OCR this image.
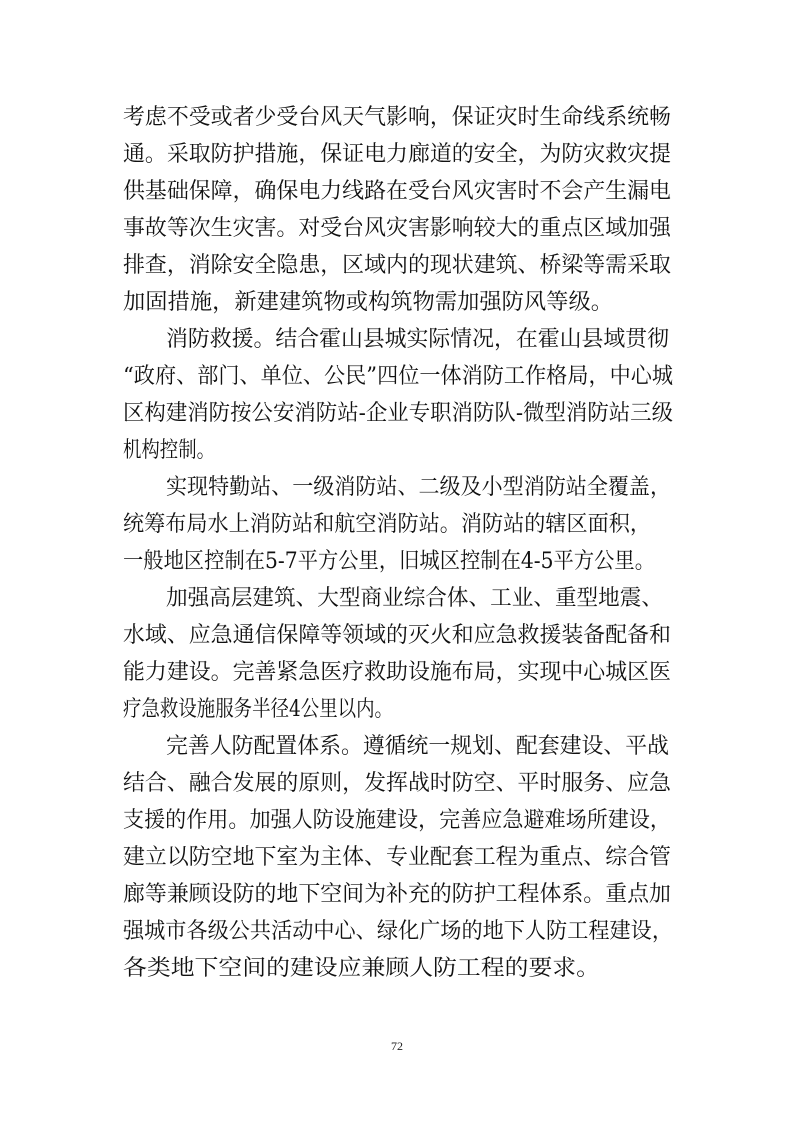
考虑不受或者少受台风天气影响，保证灾时生命线系统畅
通。采取防护措施，保证电力廊道的安全，为防灾救灾提
供基础保障，确保电力线路在受台风灾害时不会产生漏电
事故等次生灾害。对受台风灾害影响较大的重点区域加强
排查，消除安全隐患，区域内的现状建筑、桥梁等需采取
加固措施，新建建筑物或构筑物需加强防风等级。
消防救援。结合霍山县城实际情况，在霍山县域贯彻
“政府、部门、单位、公民”四位一体消防工作格局，中心城
区构建消防按公安消防站-企业专职消防队-微型消防站三级
机构控制。
实现特勤站、一级消防站、二级及小型消防站全覆盖，
统筹布局水上消防站和航空消防站。消防站的辖区面积，
一般地区控制在5-7平方公里，旧城区控制在4-5平方公里。
加强高层建筑、大型商业综合体、工业、重型地震、
水域、应急通信保障等领域的灭火和应急救援装备配备和
能力建设。完善紧急医疗救助设施布局，实现中心城区医
疗急救设施服务半径4公里以内。
完善人防配置体系。遵循统一规划、配套建设、平战
结合、融合发展的原则，发挥战时防空、平时服务、应急
支援的作用。加强人防设施建设，完善应急避难场所建设，
建立以防空地下室为主体、专业配套工程为重点、综合管
廊等兼顾设防的地下空间为补充的防护工程体系。重点加
强城市各级公共活动中心、绿化广场的地下人防工程建设，
各类地下空间的建设应兼顾人防工程的要求。
72
